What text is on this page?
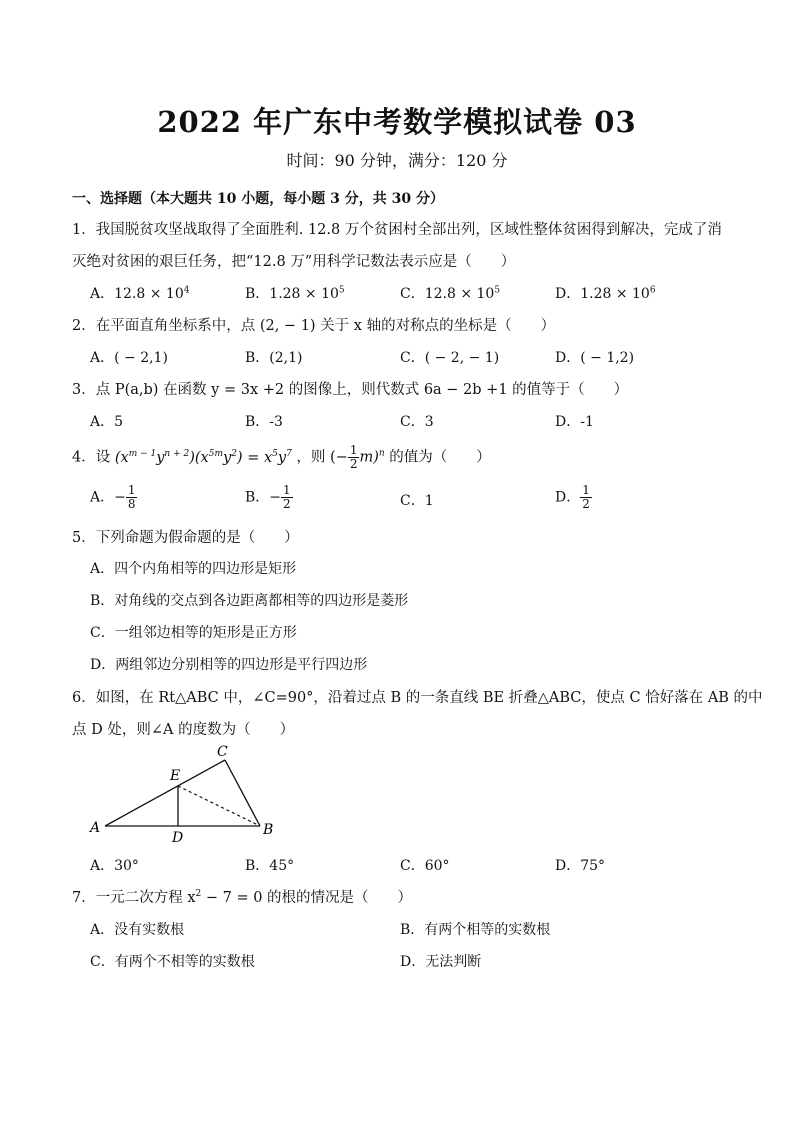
2022 年广东中考数学模拟试卷 03
时间：90 分钟，满分：120 分
一、选择题（本大题共 10 小题，每小题 3 分，共 30 分）
1．我国脱贫攻坚战取得了全面胜利. 12.8 万个贫困村全部出列，区域性整体贫困得到解决，完成了消
灭绝对贫困的艰巨任务，把“12.8 万”用科学记数法表示应是（　　）
A．$12.8 \times 10^4$	B．$1.28 \times 10^5$	C．$12.8 \times 10^5$	D．$1.28 \times 10^6$
2．在平面直角坐标系中，点 (2, − 1) 关于 x 轴的对称点的坐标是（　　）
A．( − 2,1)	B．(2,1)	C．( − 2, − 1)	D．( − 1,2)
3．点 P(a,b) 在函数 y = 3x +2 的图像上，则代数式 6a − 2b +1 的值等于（　　）
A．5	B．-3	C．3	D．-1
4．设 $(x^{m - 1}y^{n + 2})(x^{5m}y^2) = x^5y^7$ ，则 (− $\frac{1}{2} m)^n$ 的值为（　　）
A．− $\frac{1}{8}$	B．− $\frac{1}{2}$	C．1	D． $\frac{1}{2}$
5．下列命题为假命题的是（　　）
A．四个内角相等的四边形是矩形
B．对角线的交点到各边距离都相等的四边形是菱形
C．一组邻边相等的矩形是正方形
D．两组邻边分别相等的四边形是平行四边形
6．如图，在 Rt△ABC 中，∠C=90°，沿着过点 B 的一条直线 BE 折叠△ABC，使点 C 恰好落在 AB 的中
点 D 处，则∠A 的度数为（　　）
A	B
C
D
E
A．30°	B．45°	C．60°	D．75°
7．一元二次方程 $x^2 - 7 = 0$ 的根的情况是（　　）
A．没有实数根	B．有两个相等的实数根
C．有两个不相等的实数根	D．无法判断
